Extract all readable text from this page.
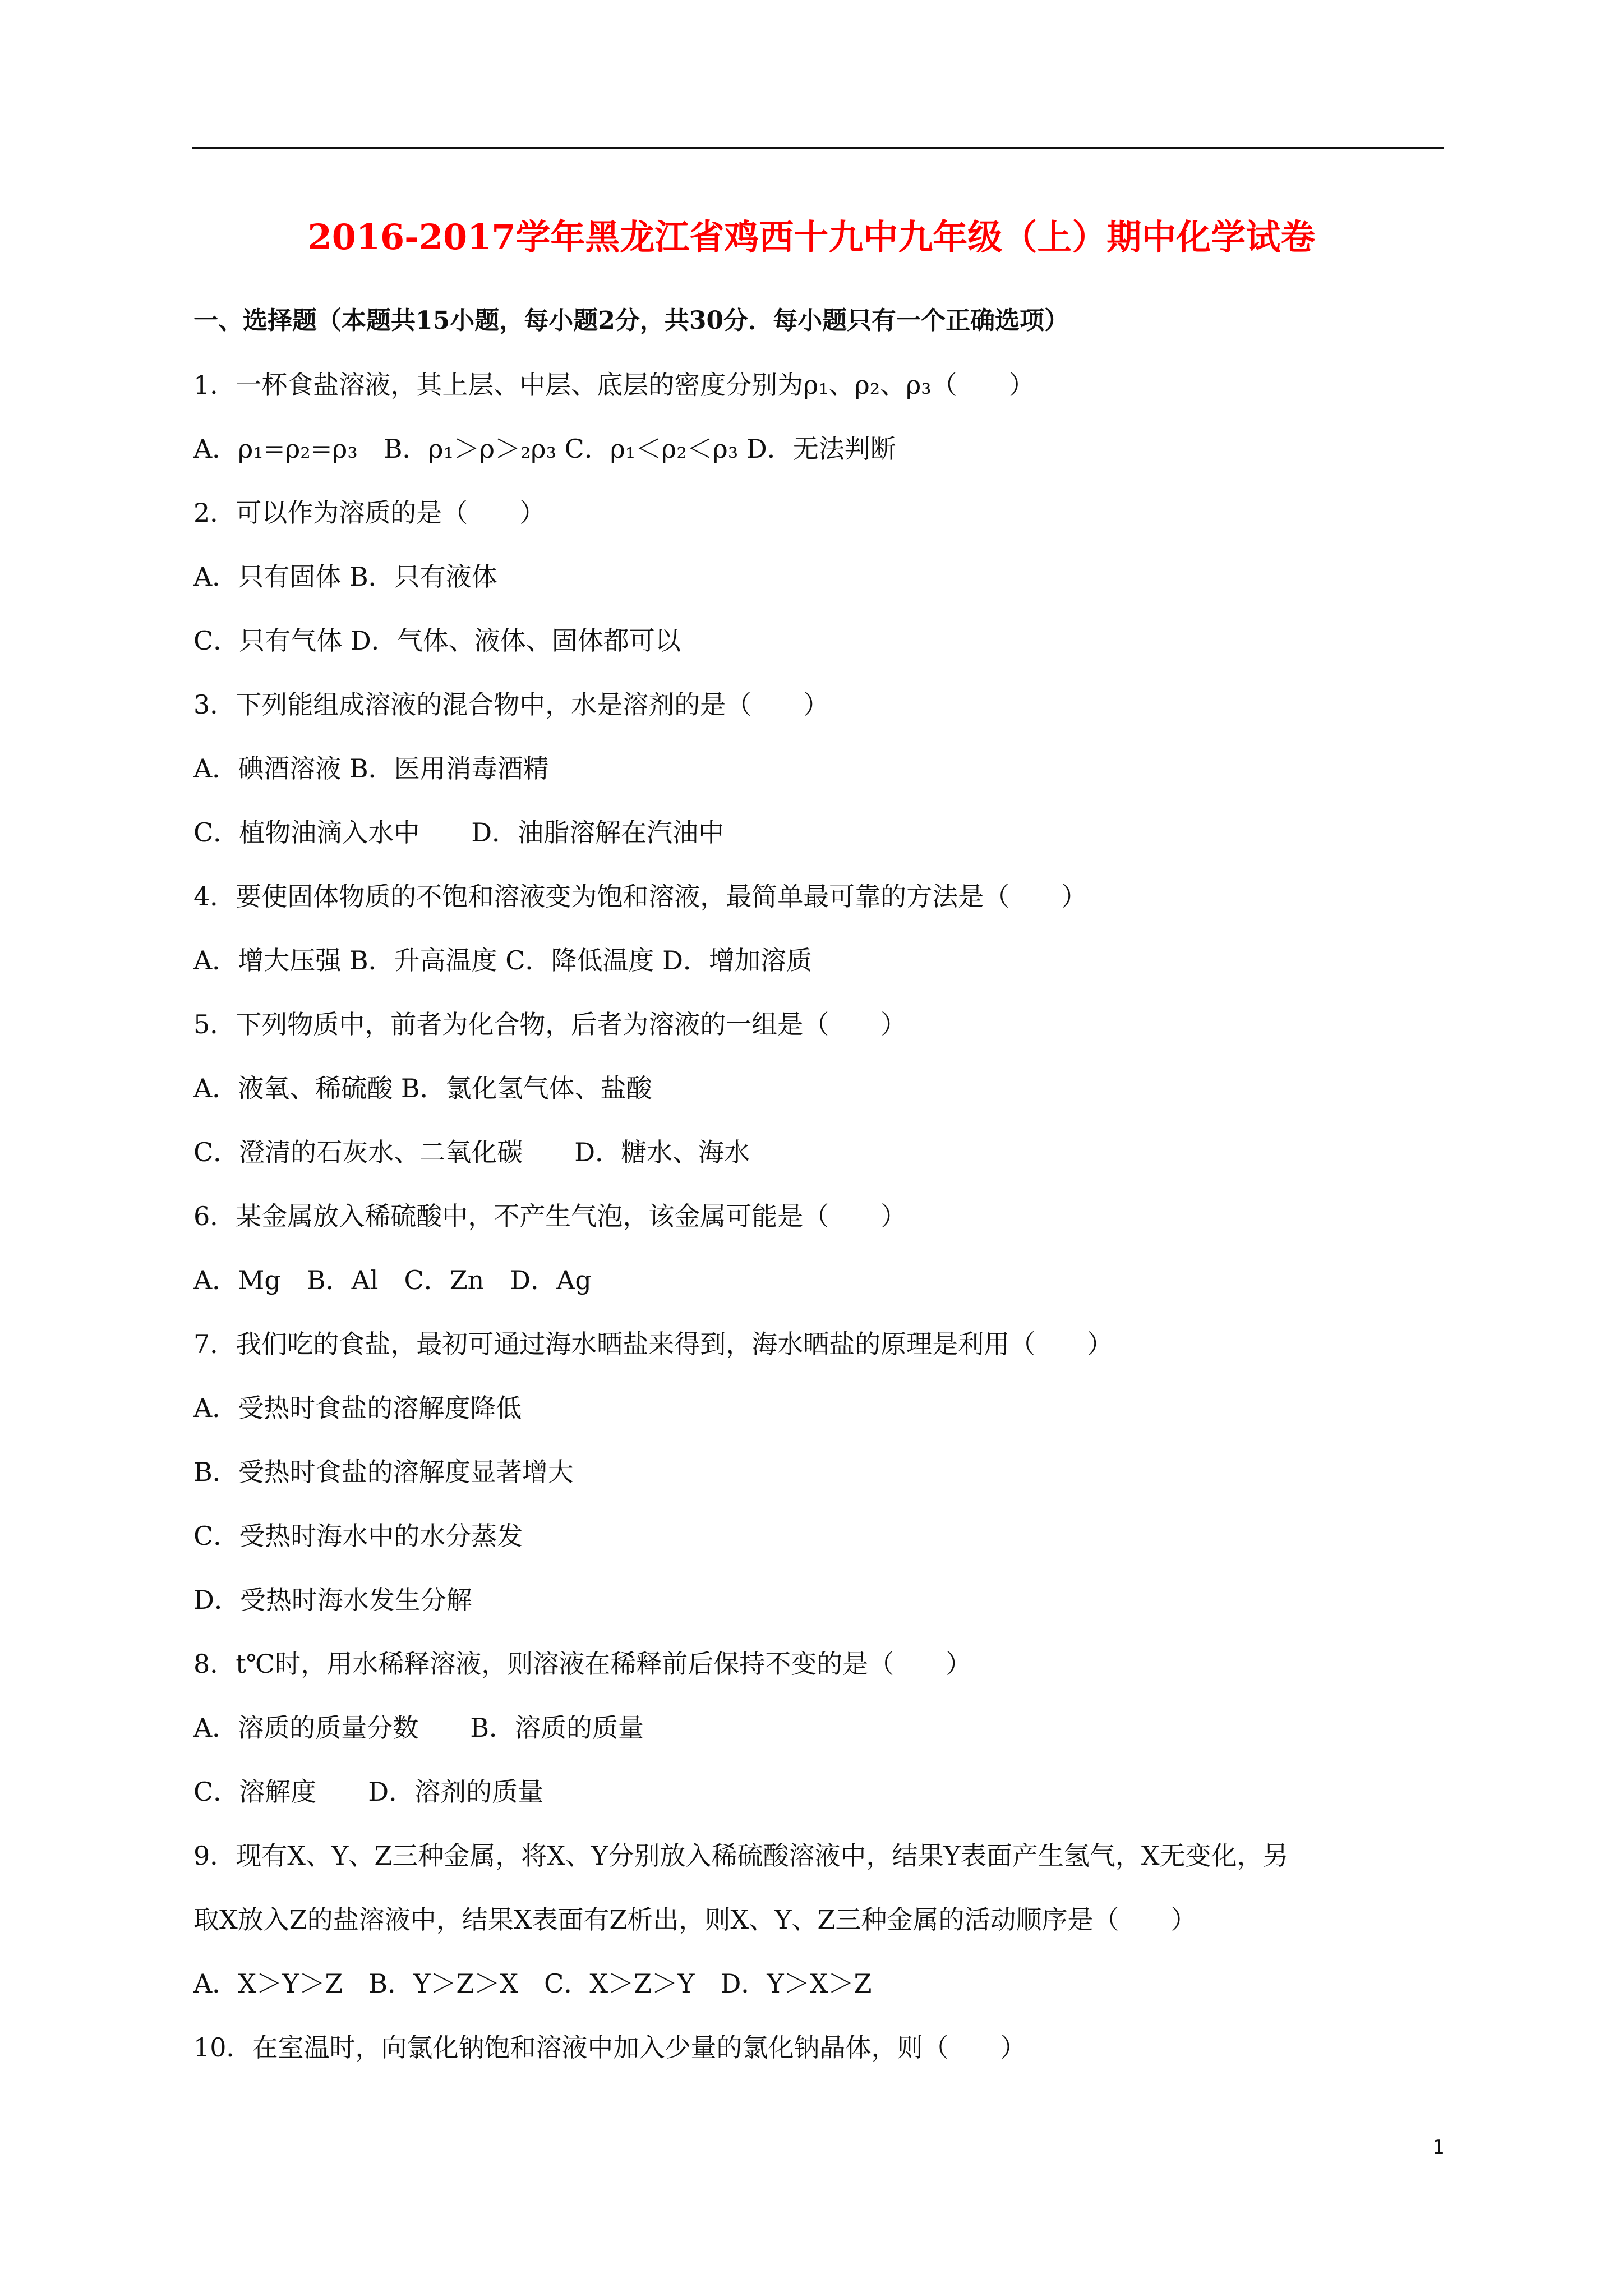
2016-2017学年黑龙江省鸡西十九中九年级（上）期中化学试卷
一、选择题（本题共15小题，每小题2分，共30分．每小题只有一个正确选项）
1．一杯食盐溶液，其上层、中层、底层的密度分别为ρ₁、ρ₂、ρ₃（　　）
A．ρ₁=ρ₂=ρ₃　B．ρ₁＞ρ＞₂ρ₃ C．ρ₁＜ρ₂＜ρ₃ D．无法判断
2．可以作为溶质的是（　　）
A．只有固体 B．只有液体
C．只有气体 D．气体、液体、固体都可以
3．下列能组成溶液的混合物中，水是溶剂的是（　　）
A．碘酒溶液 B．医用消毒酒精
C．植物油滴入水中　　D．油脂溶解在汽油中
4．要使固体物质的不饱和溶液变为饱和溶液，最简单最可靠的方法是（　　）
A．增大压强 B．升高温度 C．降低温度 D．增加溶质
5．下列物质中，前者为化合物，后者为溶液的一组是（　　）
A．液氧、稀硫酸 B．氯化氢气体、盐酸
C．澄清的石灰水、二氧化碳　　D．糖水、海水
6．某金属放入稀硫酸中，不产生气泡，该金属可能是（　　）
A．Mg　B．Al　C．Zn　D．Ag
7．我们吃的食盐，最初可通过海水晒盐来得到，海水晒盐的原理是利用（　　）
A．受热时食盐的溶解度降低
B．受热时食盐的溶解度显著增大
C．受热时海水中的水分蒸发
D．受热时海水发生分解
8．t℃时，用水稀释溶液，则溶液在稀释前后保持不变的是（　　）
A．溶质的质量分数　　B．溶质的质量
C．溶解度　　D．溶剂的质量
9．现有X、Y、Z三种金属，将X、Y分别放入稀硫酸溶液中，结果Y表面产生氢气，X无变化，另
取X放入Z的盐溶液中，结果X表面有Z析出，则X、Y、Z三种金属的活动顺序是（　　）
A．X＞Y＞Z　B．Y＞Z＞X　C．X＞Z＞Y　D．Y＞X＞Z
10．在室温时，向氯化钠饱和溶液中加入少量的氯化钠晶体，则（　　）
1
